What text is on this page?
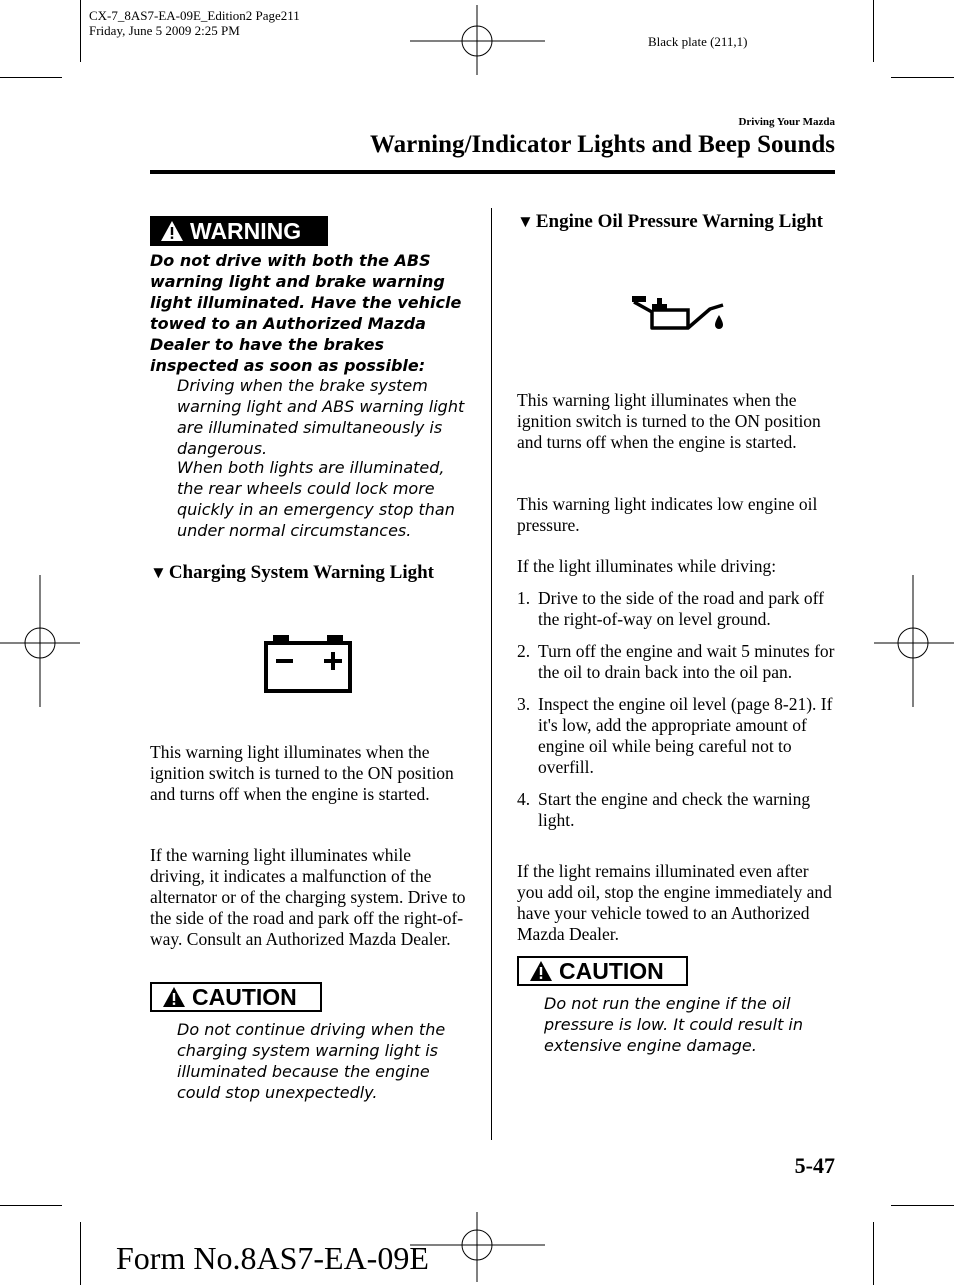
CX-7_8AS7-EA-09E_Edition2 Page211
Friday, June 5 2009 2:25 PM
Black plate (211,1)
Driving Your Mazda
Warning/Indicator Lights and Beep Sounds
WARNING
Do not drive with both the ABS warning light and brake warning light illuminated. Have the vehicle towed to an Authorized Mazda Dealer to have the brakes inspected as soon as possible:
Driving when the brake system warning light and ABS warning light are illuminated simultaneously is dangerous.
When both lights are illuminated, the rear wheels could lock more quickly in an emergency stop than under normal circumstances.
▼ Charging System Warning Light
This warning light illuminates when the ignition switch is turned to the ON position and turns off when the engine is started.
If the warning light illuminates while driving, it indicates a malfunction of the alternator or of the charging system. Drive to the side of the road and park off the right-of-way. Consult an Authorized Mazda Dealer.
CAUTION
Do not continue driving when the charging system warning light is illuminated because the engine could stop unexpectedly.
▼ Engine Oil Pressure Warning Light
This warning light illuminates when the ignition switch is turned to the ON position and turns off when the engine is started.
This warning light indicates low engine oil pressure.
If the light illuminates while driving:
1. Drive to the side of the road and park off the right-of-way on level ground.
2. Turn off the engine and wait 5 minutes for the oil to drain back into the oil pan.
3. Inspect the engine oil level (page 8-21). If it's low, add the appropriate amount of engine oil while being careful not to overfill.
4. Start the engine and check the warning light.
If the light remains illuminated even after you add oil, stop the engine immediately and have your vehicle towed to an Authorized Mazda Dealer.
CAUTION
Do not run the engine if the oil pressure is low. It could result in extensive engine damage.
5-47
Form No.8AS7-EA-09E
